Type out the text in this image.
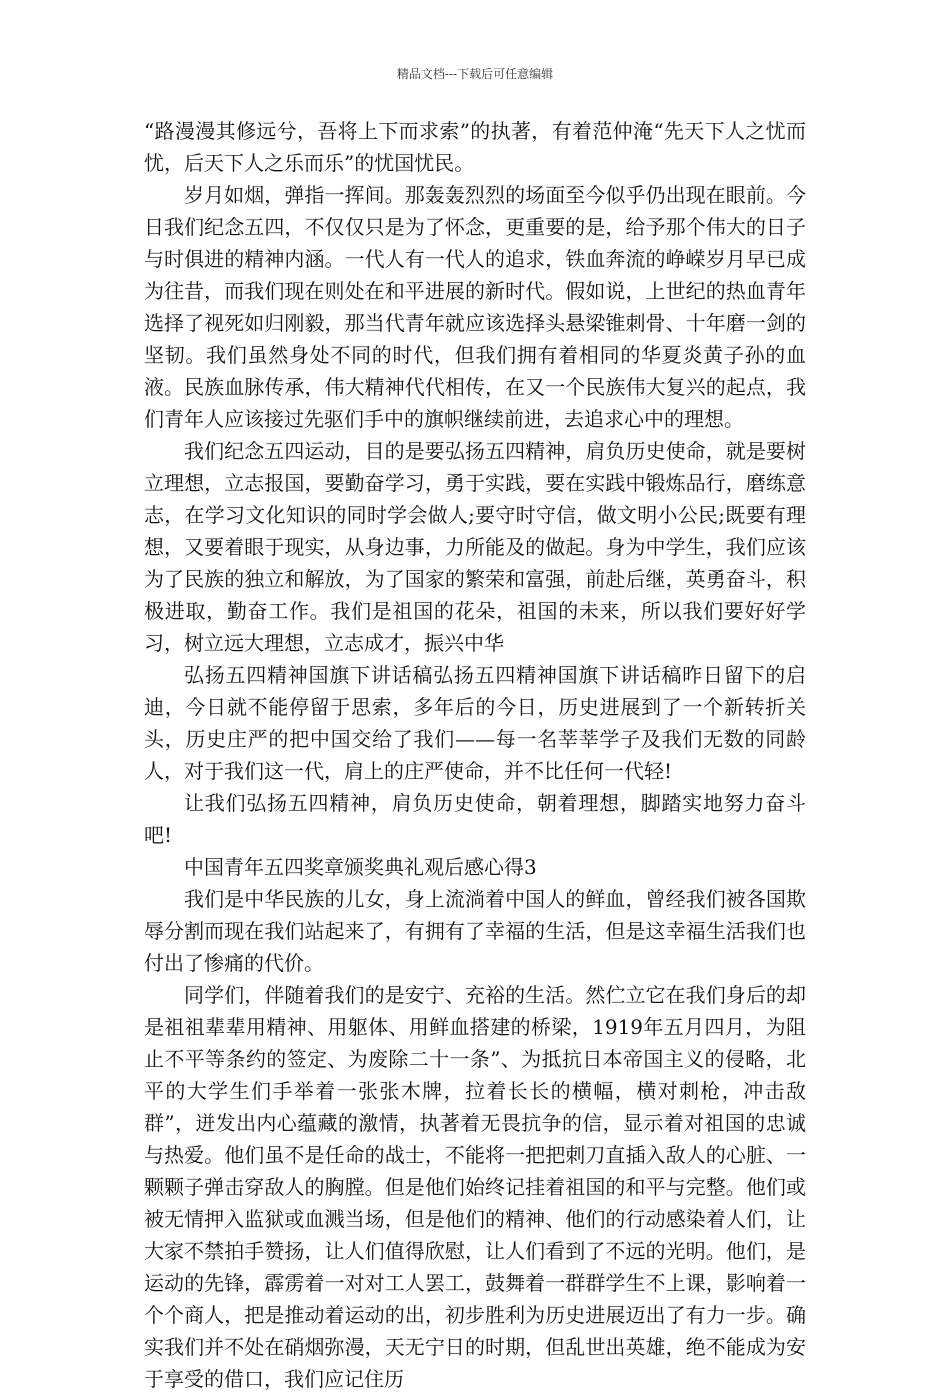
精品文档---下载后可任意编辑

“路漫漫其修远兮，吾将上下而求索”的执著，有着范仲淹“先天下人之忧而忧，后天下人之乐而乐”的忧国忧民。

岁月如烟，弹指一挥间。那轰轰烈烈的场面至今似乎仍出现在眼前。今日我们纪念五四，不仅仅只是为了怀念，更重要的是，给予那个伟大的日子与时俱进的精神内涵。一代人有一代人的追求，铁血奔流的峥嵘岁月早已成为往昔，而我们现在则处在和平进展的新时代。假如说，上世纪的热血青年选择了视死如归刚毅，那当代青年就应该选择头悬梁锥刺骨、十年磨一剑的坚韧。我们虽然身处不同的时代，但我们拥有着相同的华夏炎黄子孙的血液。民族血脉传承，伟大精神代代相传，在又一个民族伟大复兴的起点，我们青年人应该接过先驱们手中的旗帜继续前进，去追求心中的理想。

我们纪念五四运动，目的是要弘扬五四精神，肩负历史使命，就是要树立理想，立志报国，要勤奋学习，勇于实践，要在实践中锻炼品行，磨练意志，在学习文化知识的同时学会做人;要守时守信，做文明小公民;既要有理想，又要着眼于现实，从身边事，力所能及的做起。身为中学生，我们应该为了民族的独立和解放，为了国家的繁荣和富强，前赴后继，英勇奋斗，积极进取，勤奋工作。我们是祖国的花朵，祖国的未来，所以我们要好好学习，树立远大理想，立志成才，振兴中华

弘扬五四精神国旗下讲话稿弘扬五四精神国旗下讲话稿昨日留下的启迪，今日就不能停留于思索，多年后的今日，历史进展到了一个新转折关头，历史庄严的把中国交给了我们——每一名莘莘学子及我们无数的同龄人，对于我们这一代，肩上的庄严使命，并不比任何一代轻!

让我们弘扬五四精神，肩负历史使命，朝着理想，脚踏实地努力奋斗吧!

中国青年五四奖章颁奖典礼观后感心得3

我们是中华民族的儿女，身上流淌着中国人的鲜血，曾经我们被各国欺辱分割而现在我们站起来了，有拥有了幸福的生活，但是这幸福生活我们也付出了惨痛的代价。

同学们，伴随着我们的是安宁、充裕的生活。然伫立它在我们身后的却是祖祖辈辈用精神、用躯体、用鲜血搭建的桥梁，1919年五月四月，为阻止不平等条约的签定、为废除二十一条”、为抵抗日本帝国主义的侵略，北平的大学生们手举着一张张木牌，拉着长长的横幅，横对刺枪，冲击敌群”，迸发出内心蕴藏的激情，执著着无畏抗争的信，显示着对祖国的忠诚与热爱。他们虽不是任命的战士，不能将一把把刺刀直插入敌人的心脏、一颗颗子弹击穿敌人的胸膛。但是他们始终记挂着祖国的和平与完整。他们或被无情押入监狱或血溅当场，但是他们的精神、他们的行动感染着人们，让大家不禁拍手赞扬，让人们值得欣慰，让人们看到了不远的光明。他们，是运动的先锋，霹雳着一对对工人罢工，鼓舞着一群群学生不上课，影响着一个个商人，把是推动着运动的出，初步胜利为历史进展迈出了有力一步。确实我们并不处在硝烟弥漫，天无宁日的时期，但乱世出英雄，绝不能成为安于享受的借口，我们应记住历
